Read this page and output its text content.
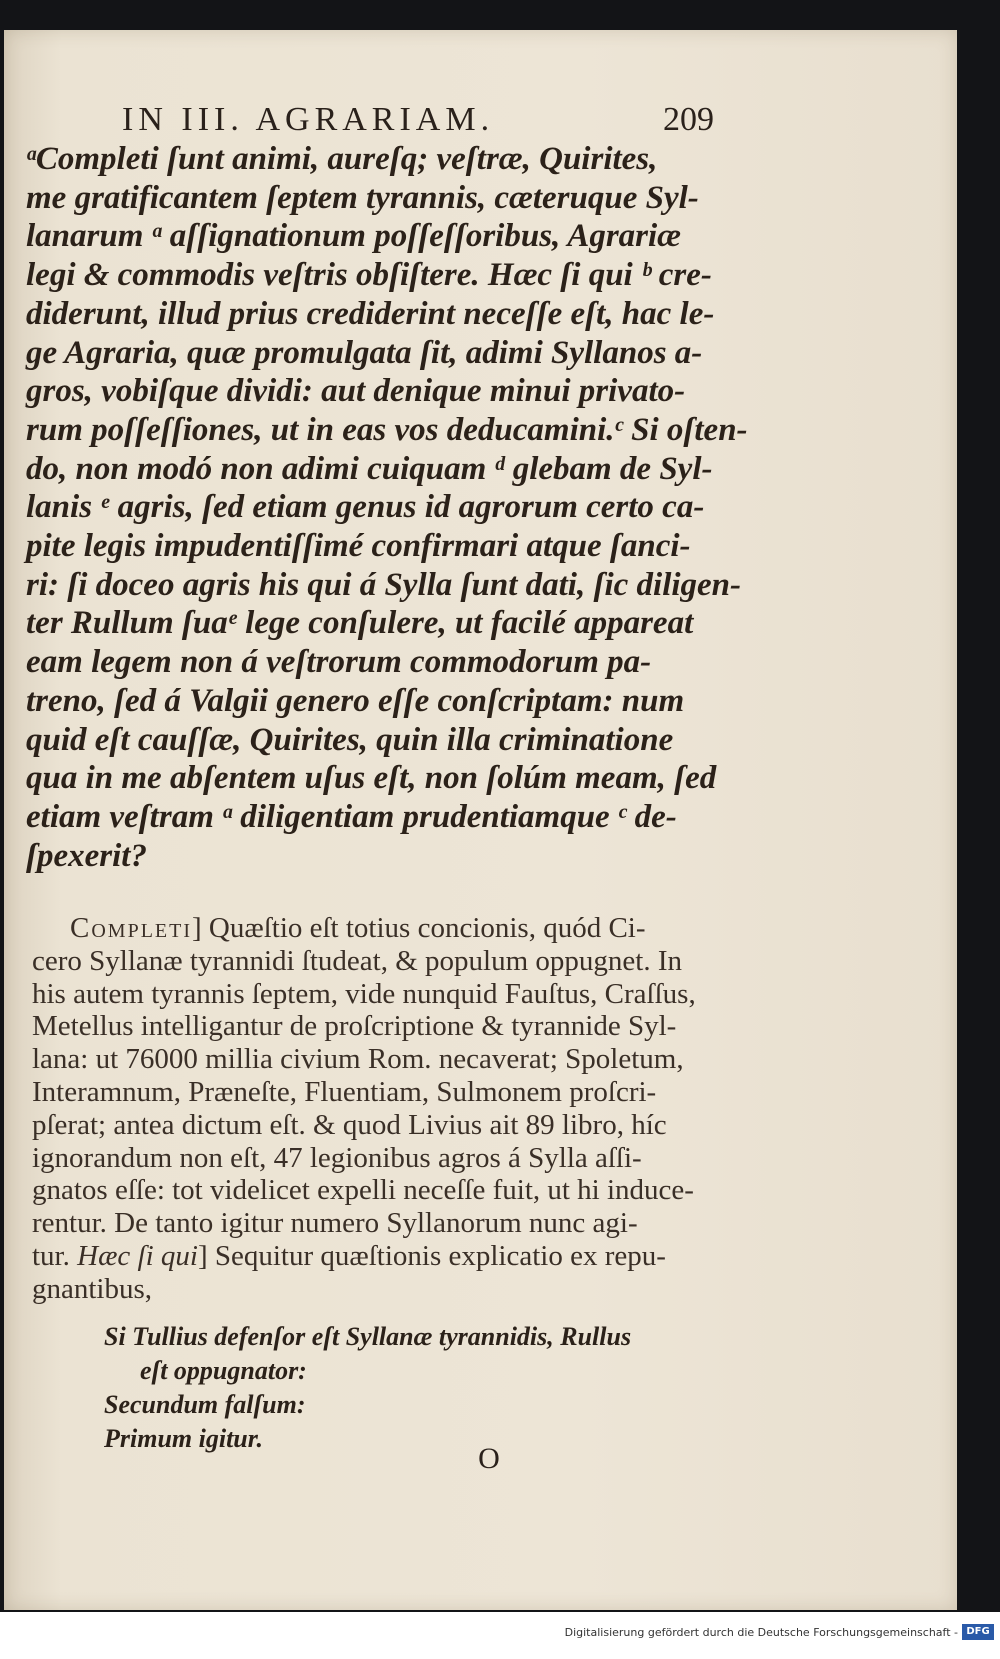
IN III. AGRARIAM.	209
ᵃCompleti ſunt animi, aureſq; veſtræ, Quirites,
me gratificantem ſeptem tyrannis, cæteruque Syl-
lanarum ᵃ aſſignationum poſſeſſoribus, Agrariæ
legi & commodis veſtris obſiſtere. Hæc ſi qui ᵇ cre-
diderunt, illud prius crediderint neceſſe eſt, hac le-
ge Agraria, quæ promulgata ſit, adimi Syllanos a-
gros, vobiſque dividi: aut denique minui privato-
rum poſſeſſiones, ut in eas vos deducamini.ᶜ Si oſten-
do, non modó non adimi cuiquam ᵈ glebam de Syl-
lanis ᵉ agris, ſed etiam genus id agrorum certo ca-
pite legis impudentiſſimé confirmari atque ſanci-
ri: ſi doceo agris his qui á Sylla ſunt dati, ſic diligen-
ter Rullum ſuaᵉ lege conſulere, ut facilé appareat
eam legem non á veſtrorum commodorum pa-
treno, ſed á Valgii genero eſſe conſcriptam: num
quid eſt cauſſæ, Quirites, quin illa criminatione
qua in me abſentem uſus eſt, non ſolúm meam, ſed
etiam veſtram ᵃ diligentiam prudentiamque ᶜ de-
ſpexerit?
Completi] Quæſtio eſt totius concionis, quód Ci-
cero Syllanæ tyrannidi ſtudeat, & populum oppugnet. In
his autem tyrannis ſeptem, vide nunquid Fauſtus, Craſſus,
Metellus intelligantur de proſcriptione & tyrannide Syl-
lana: ut 76000 millia civium Rom. necaverat; Spoletum,
Interamnum, Præneſte, Fluentiam, Sulmonem proſcri-
pſerat; antea dictum eſt. & quod Livius ait 89 libro, híc
ignorandum non eſt, 47 legionibus agros á Sylla aſſi-
gnatos eſſe: tot videlicet expelli neceſſe fuit, ut hi induce-
rentur. De tanto igitur numero Syllanorum nunc agi-
tur. Hæc ſi qui] Sequitur quæſtionis explicatio ex repu-
gnantibus,
Si Tullius defenſor eſt Syllanæ tyrannidis, Rullus
eſt oppugnator:
Secundum falſum:
Primum igitur.
O
Digitalisierung gefördert durch die Deutsche Forschungsgemeinschaft - DFG
